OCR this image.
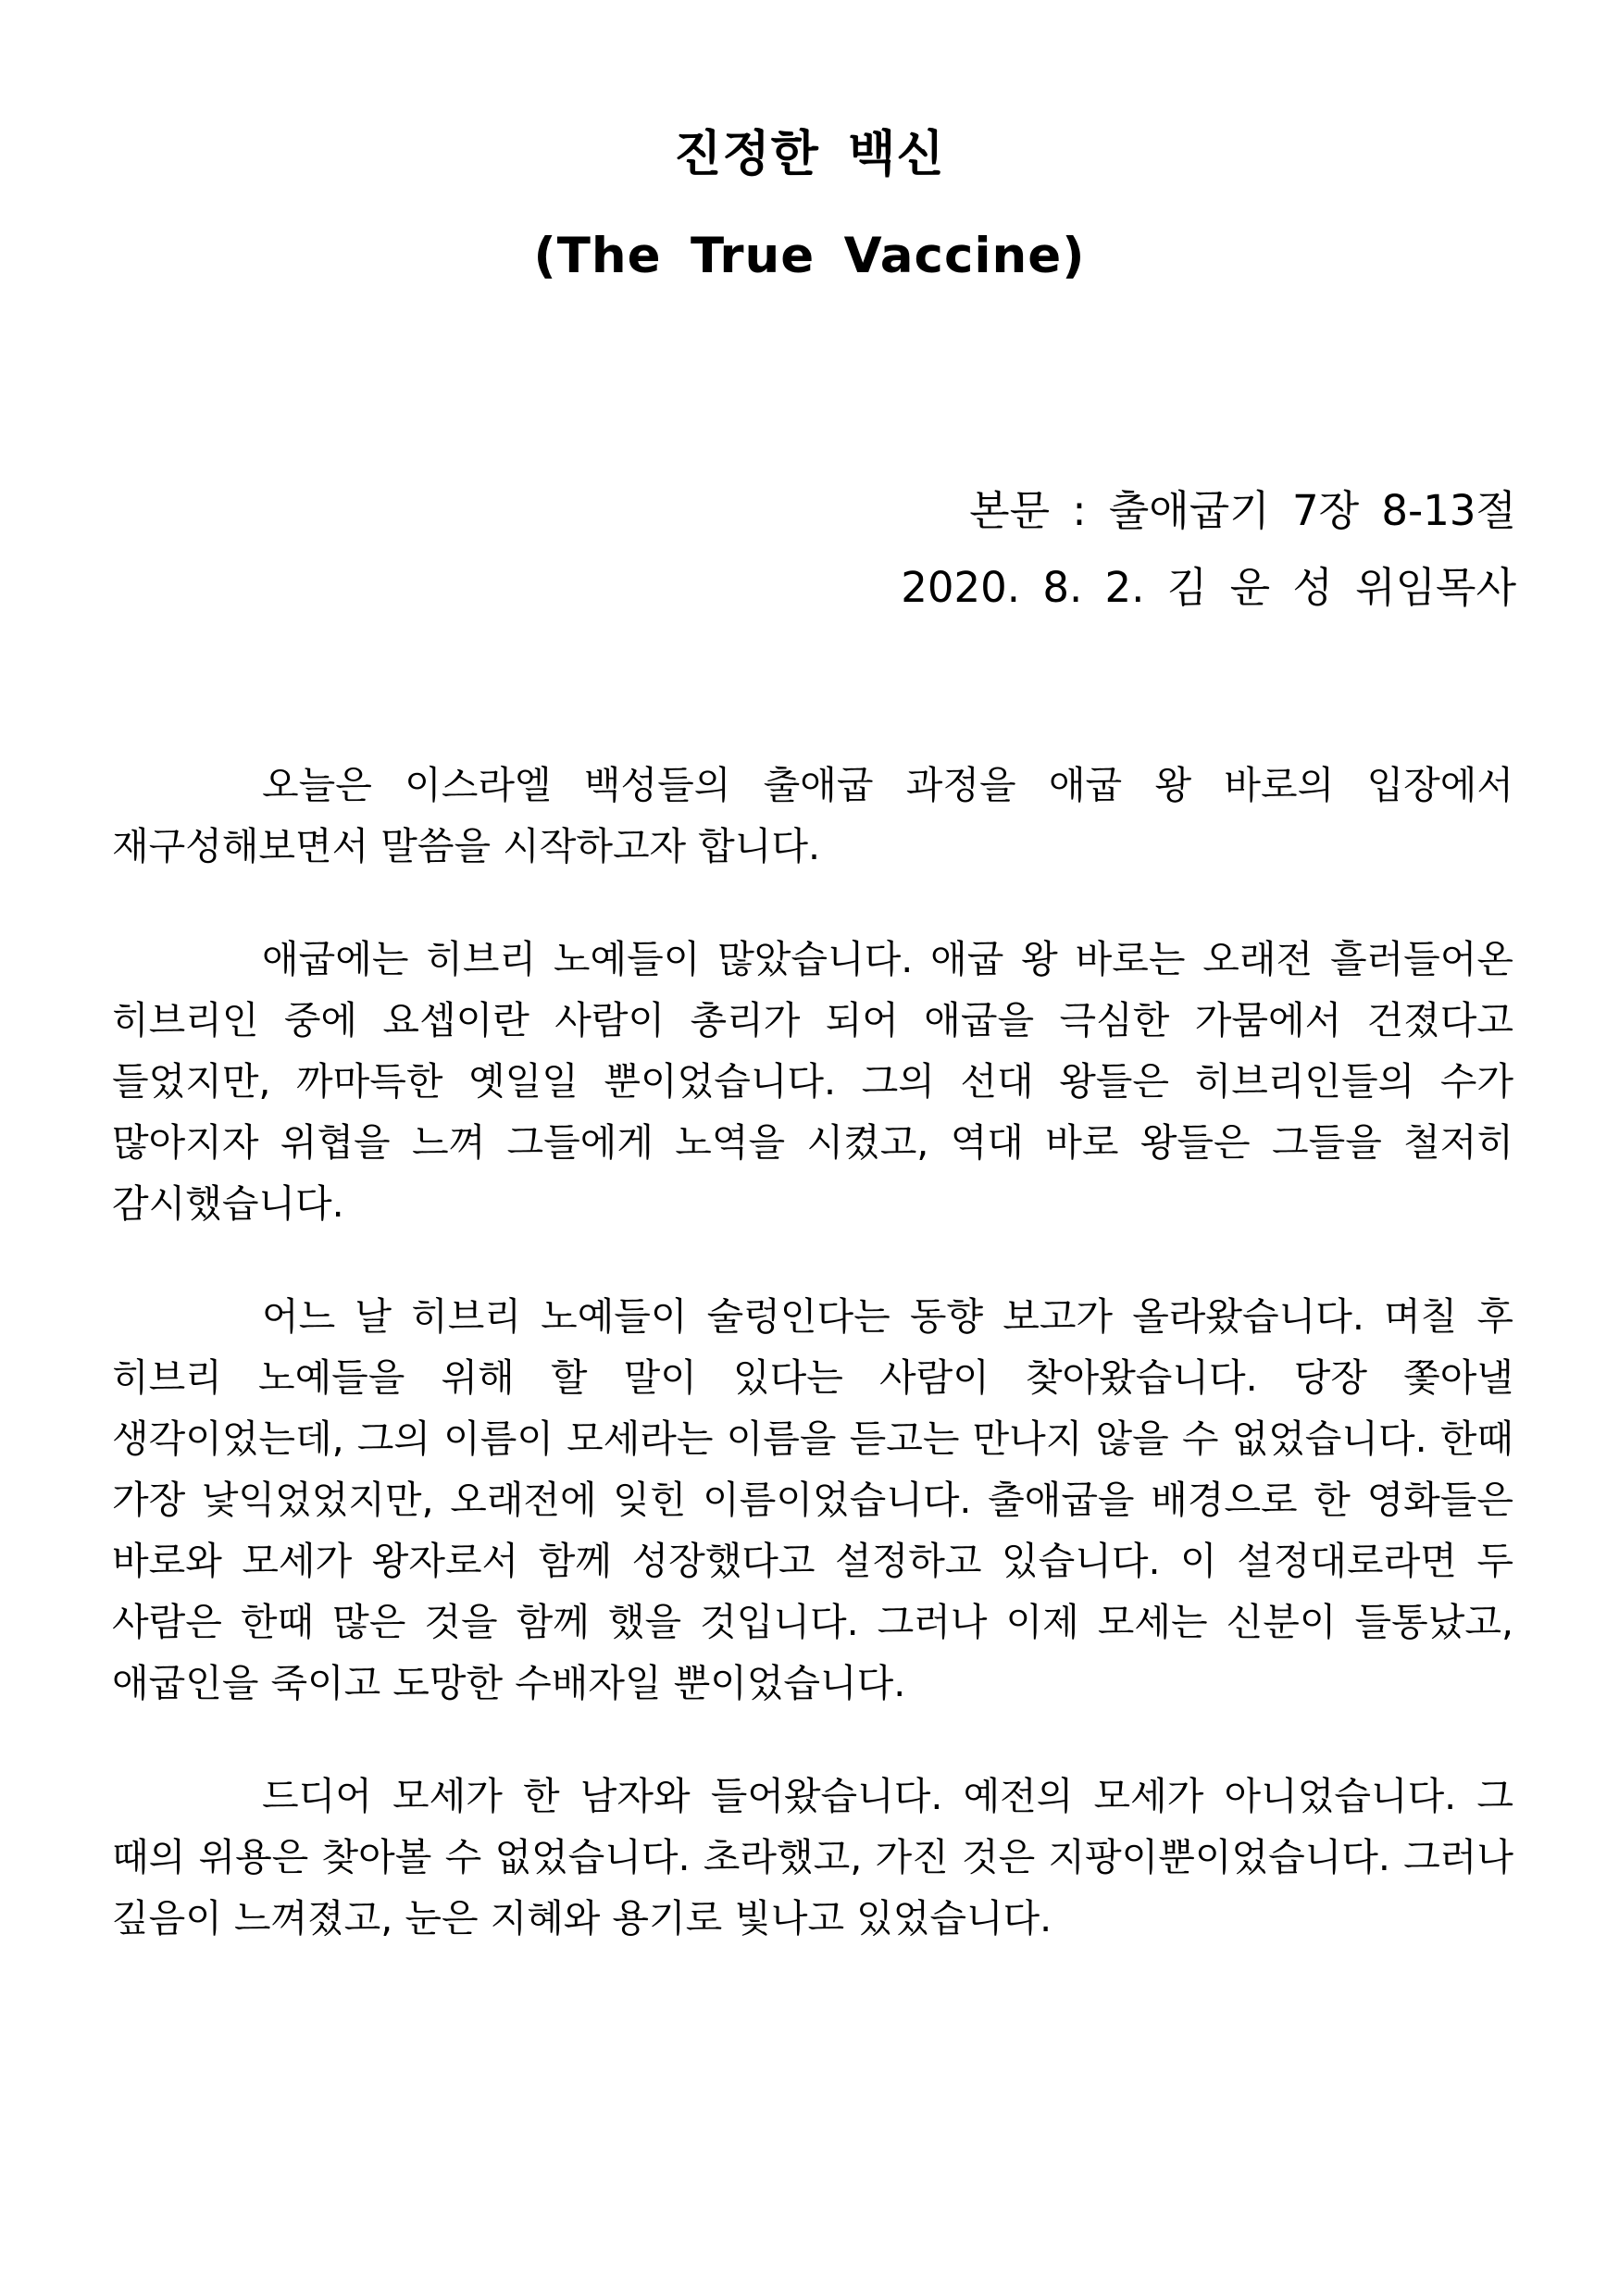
진정한 백신
(The True Vaccine)
본문 : 출애굽기 7장 8-13절
2020. 8. 2. 김 운 성 위임목사

오늘은 이스라엘 백성들의 출애굽 과정을 애굽 왕 바로의 입장에서 재구성해보면서 말씀을 시작하고자 합니다.

애굽에는 히브리 노예들이 많았습니다. 애굽 왕 바로는 오래전 흘러들어온 히브리인 중에 요셉이란 사람이 총리가 되어 애굽을 극심한 가뭄에서 건졌다고 들었지만, 까마득한 옛일일 뿐이었습니다. 그의 선대 왕들은 히브리인들의 수가 많아지자 위협을 느껴 그들에게 노역을 시켰고, 역대 바로 왕들은 그들을 철저히 감시했습니다.

어느 날 히브리 노예들이 술렁인다는 동향 보고가 올라왔습니다. 며칠 후 히브리 노예들을 위해 할 말이 있다는 사람이 찾아왔습니다. 당장 쫓아낼 생각이었는데, 그의 이름이 모세라는 이름을 듣고는 만나지 않을 수 없었습니다. 한때 가장 낯익었었지만, 오래전에 잊힌 이름이었습니다. 출애굽을 배경으로 한 영화들은 바로와 모세가 왕자로서 함께 성장했다고 설정하고 있습니다. 이 설정대로라면 두 사람은 한때 많은 것을 함께 했을 것입니다. 그러나 이제 모세는 신분이 들통났고, 애굽인을 죽이고 도망한 수배자일 뿐이었습니다.

드디어 모세가 한 남자와 들어왔습니다. 예전의 모세가 아니었습니다. 그 때의 위용은 찾아볼 수 없었습니다. 초라했고, 가진 것은 지팡이뿐이었습니다. 그러나 깊음이 느껴졌고, 눈은 지혜와 용기로 빛나고 있었습니다.
